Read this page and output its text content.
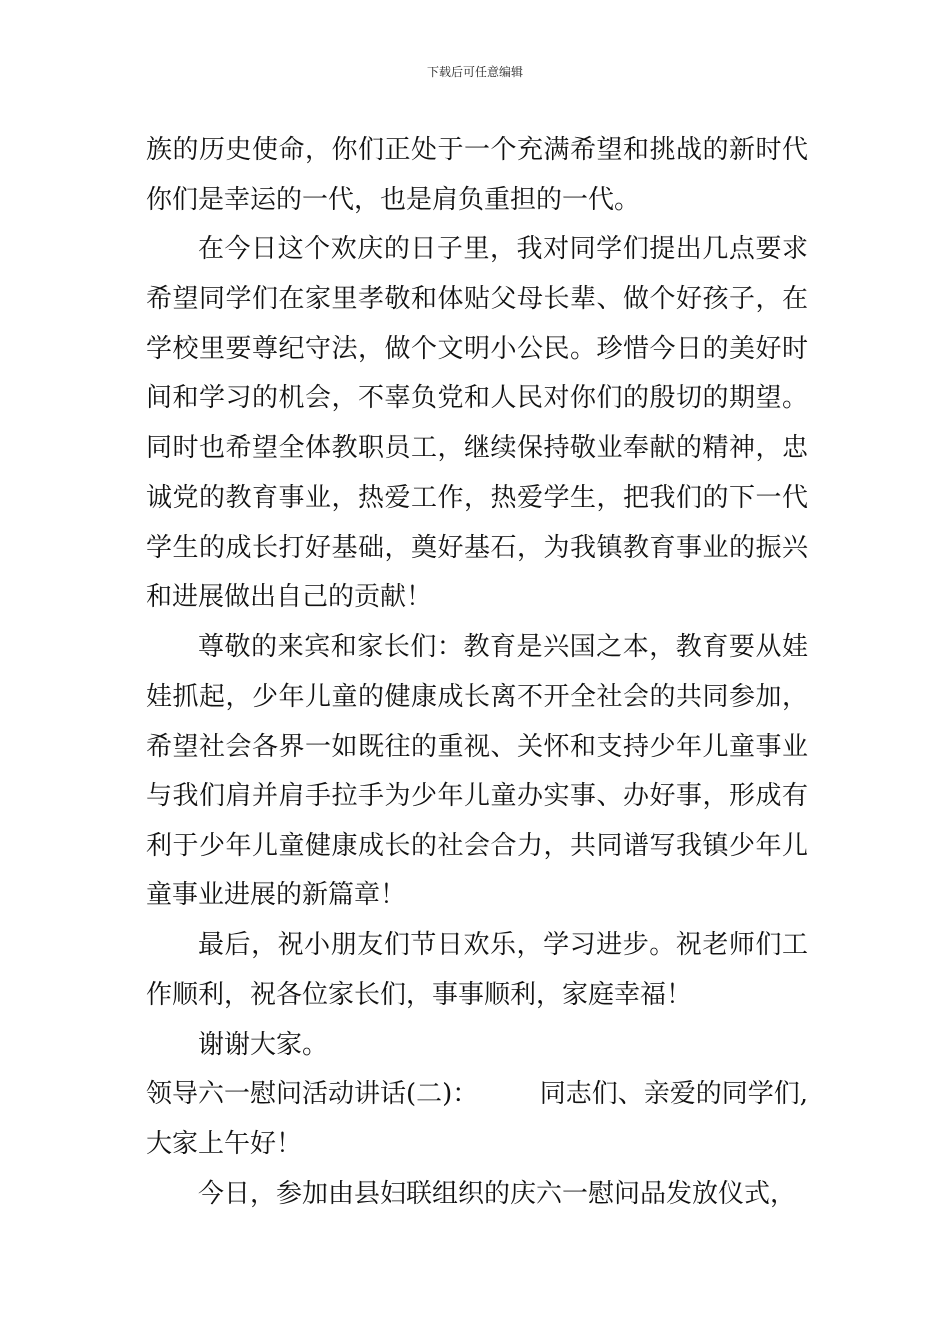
下载后可任意编辑
族的历史使命，你们正处于一个充满希望和挑战的新时代
你们是幸运的一代，也是肩负重担的一代。
在今日这个欢庆的日子里，我对同学们提出几点要求
希望同学们在家里孝敬和体贴父母长辈、做个好孩子，在
学校里要尊纪守法，做个文明小公民。珍惜今日的美好时
间和学习的机会，不辜负党和人民对你们的殷切的期望。
同时也希望全体教职员工，继续保持敬业奉献的精神，忠
诚党的教育事业，热爱工作，热爱学生，把我们的下一代
学生的成长打好基础，奠好基石，为我镇教育事业的振兴
和进展做出自己的贡献！
尊敬的来宾和家长们：教育是兴国之本，教育要从娃
娃抓起，少年儿童的健康成长离不开全社会的共同参加，
希望社会各界一如既往的重视、关怀和支持少年儿童事业
与我们肩并肩手拉手为少年儿童办实事、办好事，形成有
利于少年儿童健康成长的社会合力，共同谱写我镇少年儿
童事业进展的新篇章！
最后，祝小朋友们节日欢乐，学习进步。祝老师们工
作顺利，祝各位家长们，事事顺利，家庭幸福！
谢谢大家。
领导六一慰问活动讲话(二)： 同志们、亲爱的同学们,
大家上午好！
今日，参加由县妇联组织的庆六一慰问品发放仪式，
